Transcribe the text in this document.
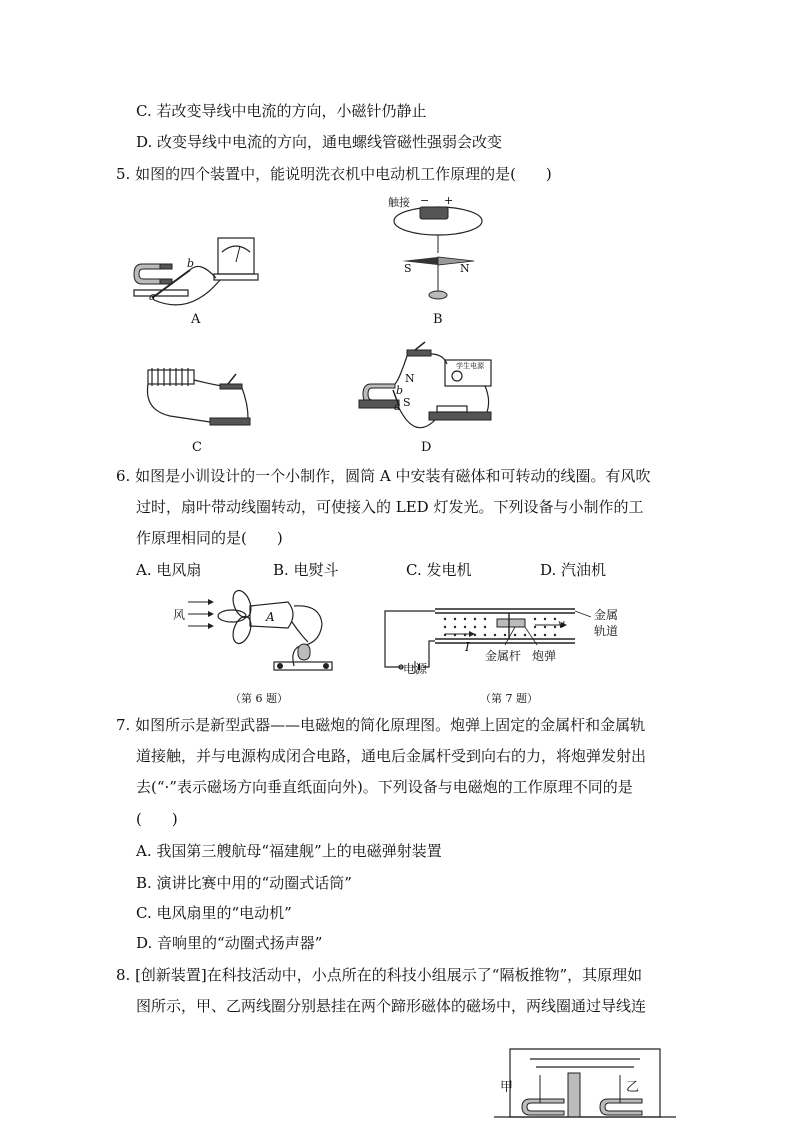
C. 若改变导线中电流的方向，小磁针仍静止
D. 改变导线中电流的方向，通电螺线管磁性强弱会改变
5. 如图的四个装置中，能说明洗衣机中电动机工作原理的是(　　)
b
a
A
触接 − +
S	N
B
C
N
b
S
a
学生电源
D
6. 如图是小训设计的一个小制作，圆筒 A 中安装有磁体和可转动的线圈。有风吹
过时，扇叶带动线圈转动，可使接入的 LED 灯发光。下列设备与小制作的工
作原理相同的是(　　)
A. 电风扇	B. 电熨斗	C. 发电机	D. 汽油机
风	A
（第 6 题）
金属
轨道
v
I
金属杆 炮弹
电源
（第 7 题）
7. 如图所示是新型武器——电磁炮的简化原理图。炮弹上固定的金属杆和金属轨
道接触，并与电源构成闭合电路，通电后金属杆受到向右的力，将炮弹发射出
去(“·”表示磁场方向垂直纸面向外)。下列设备与电磁炮的工作原理不同的是
(　　)
A. 我国第三艘航母“福建舰”上的电磁弹射装置
B. 演讲比赛中用的“动圈式话筒”
C. 电风扇里的“电动机”
D. 音响里的“动圈式扬声器”
8. [创新装置]在科技活动中，小点所在的科技小组展示了“隔板推物”，其原理如
图所示，甲、乙两线圈分别悬挂在两个蹄形磁体的磁场中，两线圈通过导线连
甲	乙
